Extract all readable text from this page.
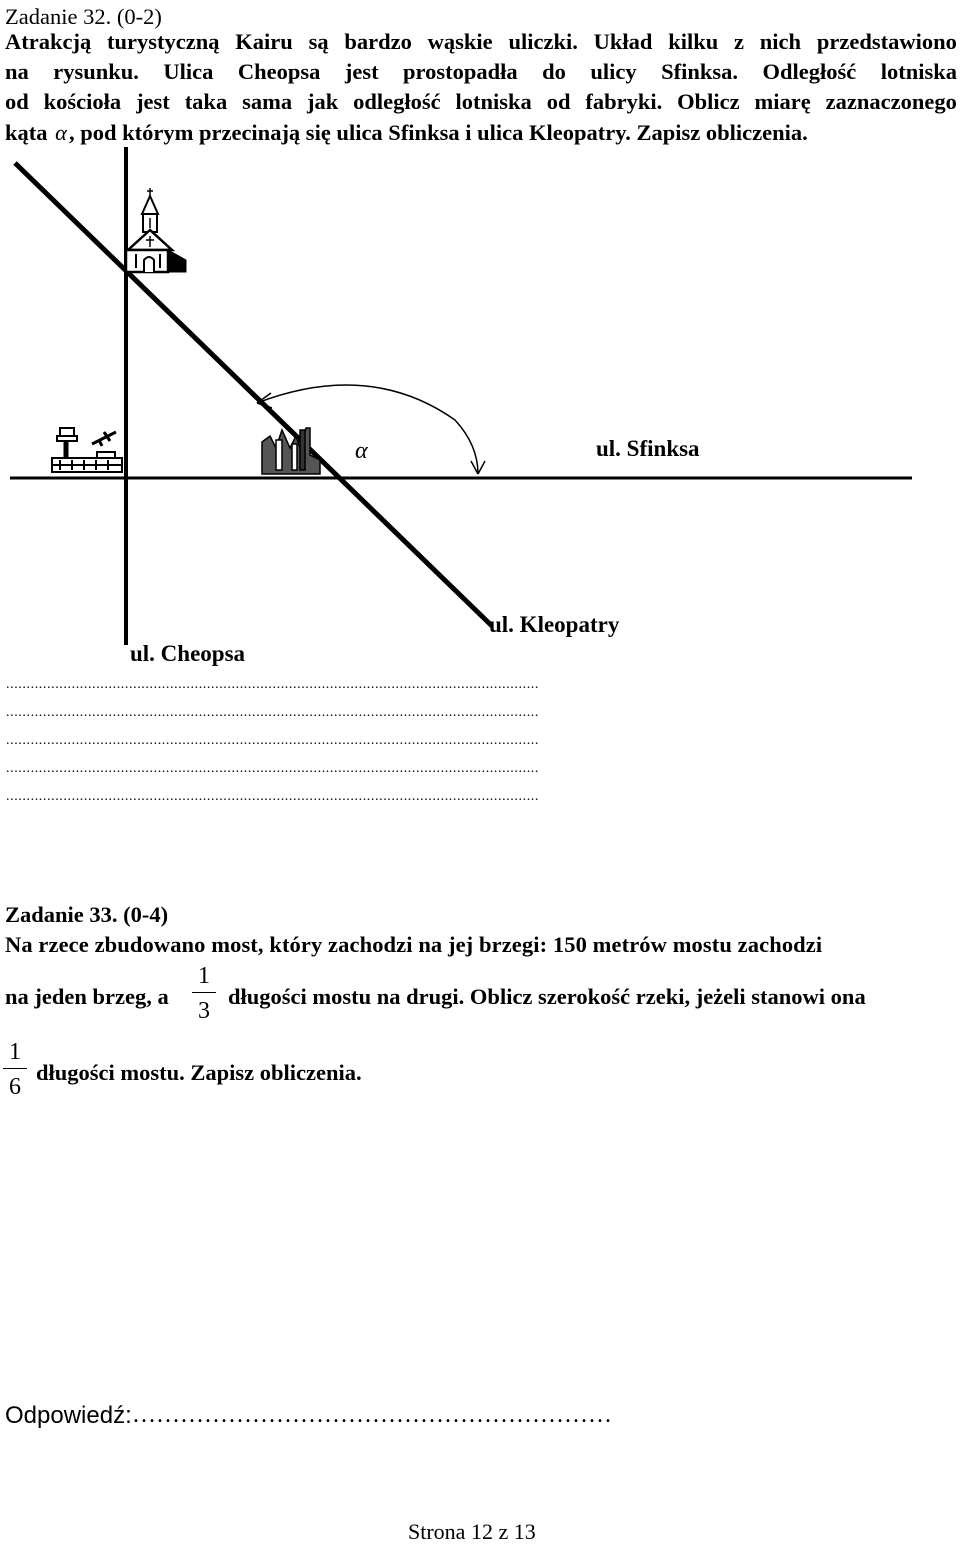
Zadanie 32. (0-2)
Atrakcją turystyczną Kairu są bardzo wąskie uliczki. Układ kilku z nich przedstawiono
na rysunku. Ulica Cheopsa jest prostopadła do ulicy Sfinksa. Odległość lotniska
od kościoła jest taka sama jak odległość lotniska od fabryki. Oblicz miarę zaznaczonego
kąta α, pod którym przecinają się ulica Sfinksa i ulica Kleopatry. Zapisz obliczenia.
α	ul. Sfinksa
ul. Cheopsa
ul. Kleopatry
..................................................................................................................................
..................................................................................................................................
..................................................................................................................................
..................................................................................................................................
..................................................................................................................................
Zadanie 33. (0-4)
Na rzece zbudowano most, który zachodzi na jej brzegi: 150 metrów mostu zachodzi
na jeden brzeg, a
1
3
długości mostu na drugi. Oblicz szerokość rzeki, jeżeli stanowi ona
1
6
długości mostu. Zapisz obliczenia.
Odpowiedź: ……………………………………………………
Strona 12 z 13
